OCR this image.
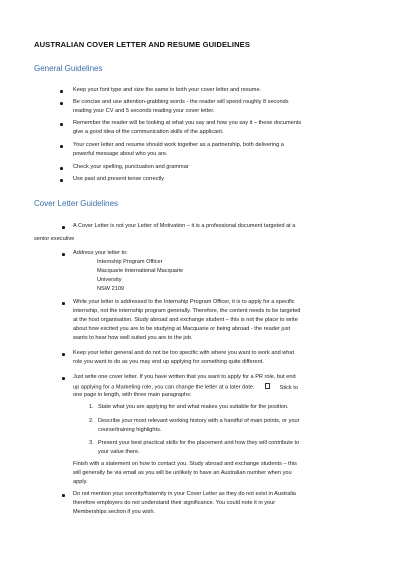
AUSTRALIAN COVER LETTER AND RESUME GUIDELINES
General Guidelines
Keep your font type and size the same in both your cover letter and resume.
Be concise and use attention-grabbing words - the reader will spend roughly 8 seconds
reading your CV and 5 seconds reading your cover letter.
Remember the reader will be looking at what you say and how you say it – these documents
give a good idea of the communication skills of the applicant.
Your cover letter and resume should work together as a partnership, both delivering a
powerful message about who you are.
Check your spelling, punctuation and grammar
Use past and present tense correctly
Cover Letter Guidelines
A Cover Letter is not your Letter of Motivation – it is a professional document targeted at a
senior executive
Address your letter to:
Internship Program Officer
Macquarie International Macquarie
University
NSW 2109
While your letter is addressed to the Internship Program Officer, it is to apply for a specific
internship, not the internship program generally. Therefore, the content needs to be targeted
at the host organisation. Study abroad and exchange student – this is not the place to write
about how excited you are to be studying at Macquarie or being abroad - the reader just
wants to hear how well suited you are to the job.
Keep your letter general and do not be too specific with where you want to work and what
role you want to do as you may end up applying for something quite different.
Just write one cover letter. If you have written that you want to apply for a PR role, but end
up applying for a Marketing role, you can change the letter at a later date.	Stick to
one page in length, with three main paragraphs:
1. State what you are applying for and what makes you suitable for the position.
2. Describe your most relevant working history with a handful of main points, or your
course/training highlights.
3. Present your best practical skills for the placement and how they will contribute to
your value there.
Finish with a statement on how to contact you. Study abroad and exchange students – this
will generally be via email as you will be unlikely to have an Australian number when you
apply.
Do not mention your sorority/fraternity in your Cover Letter as they do not exist in Australia
therefore employers do not understand their significance. You could note it in your
Memberships section if you wish.
